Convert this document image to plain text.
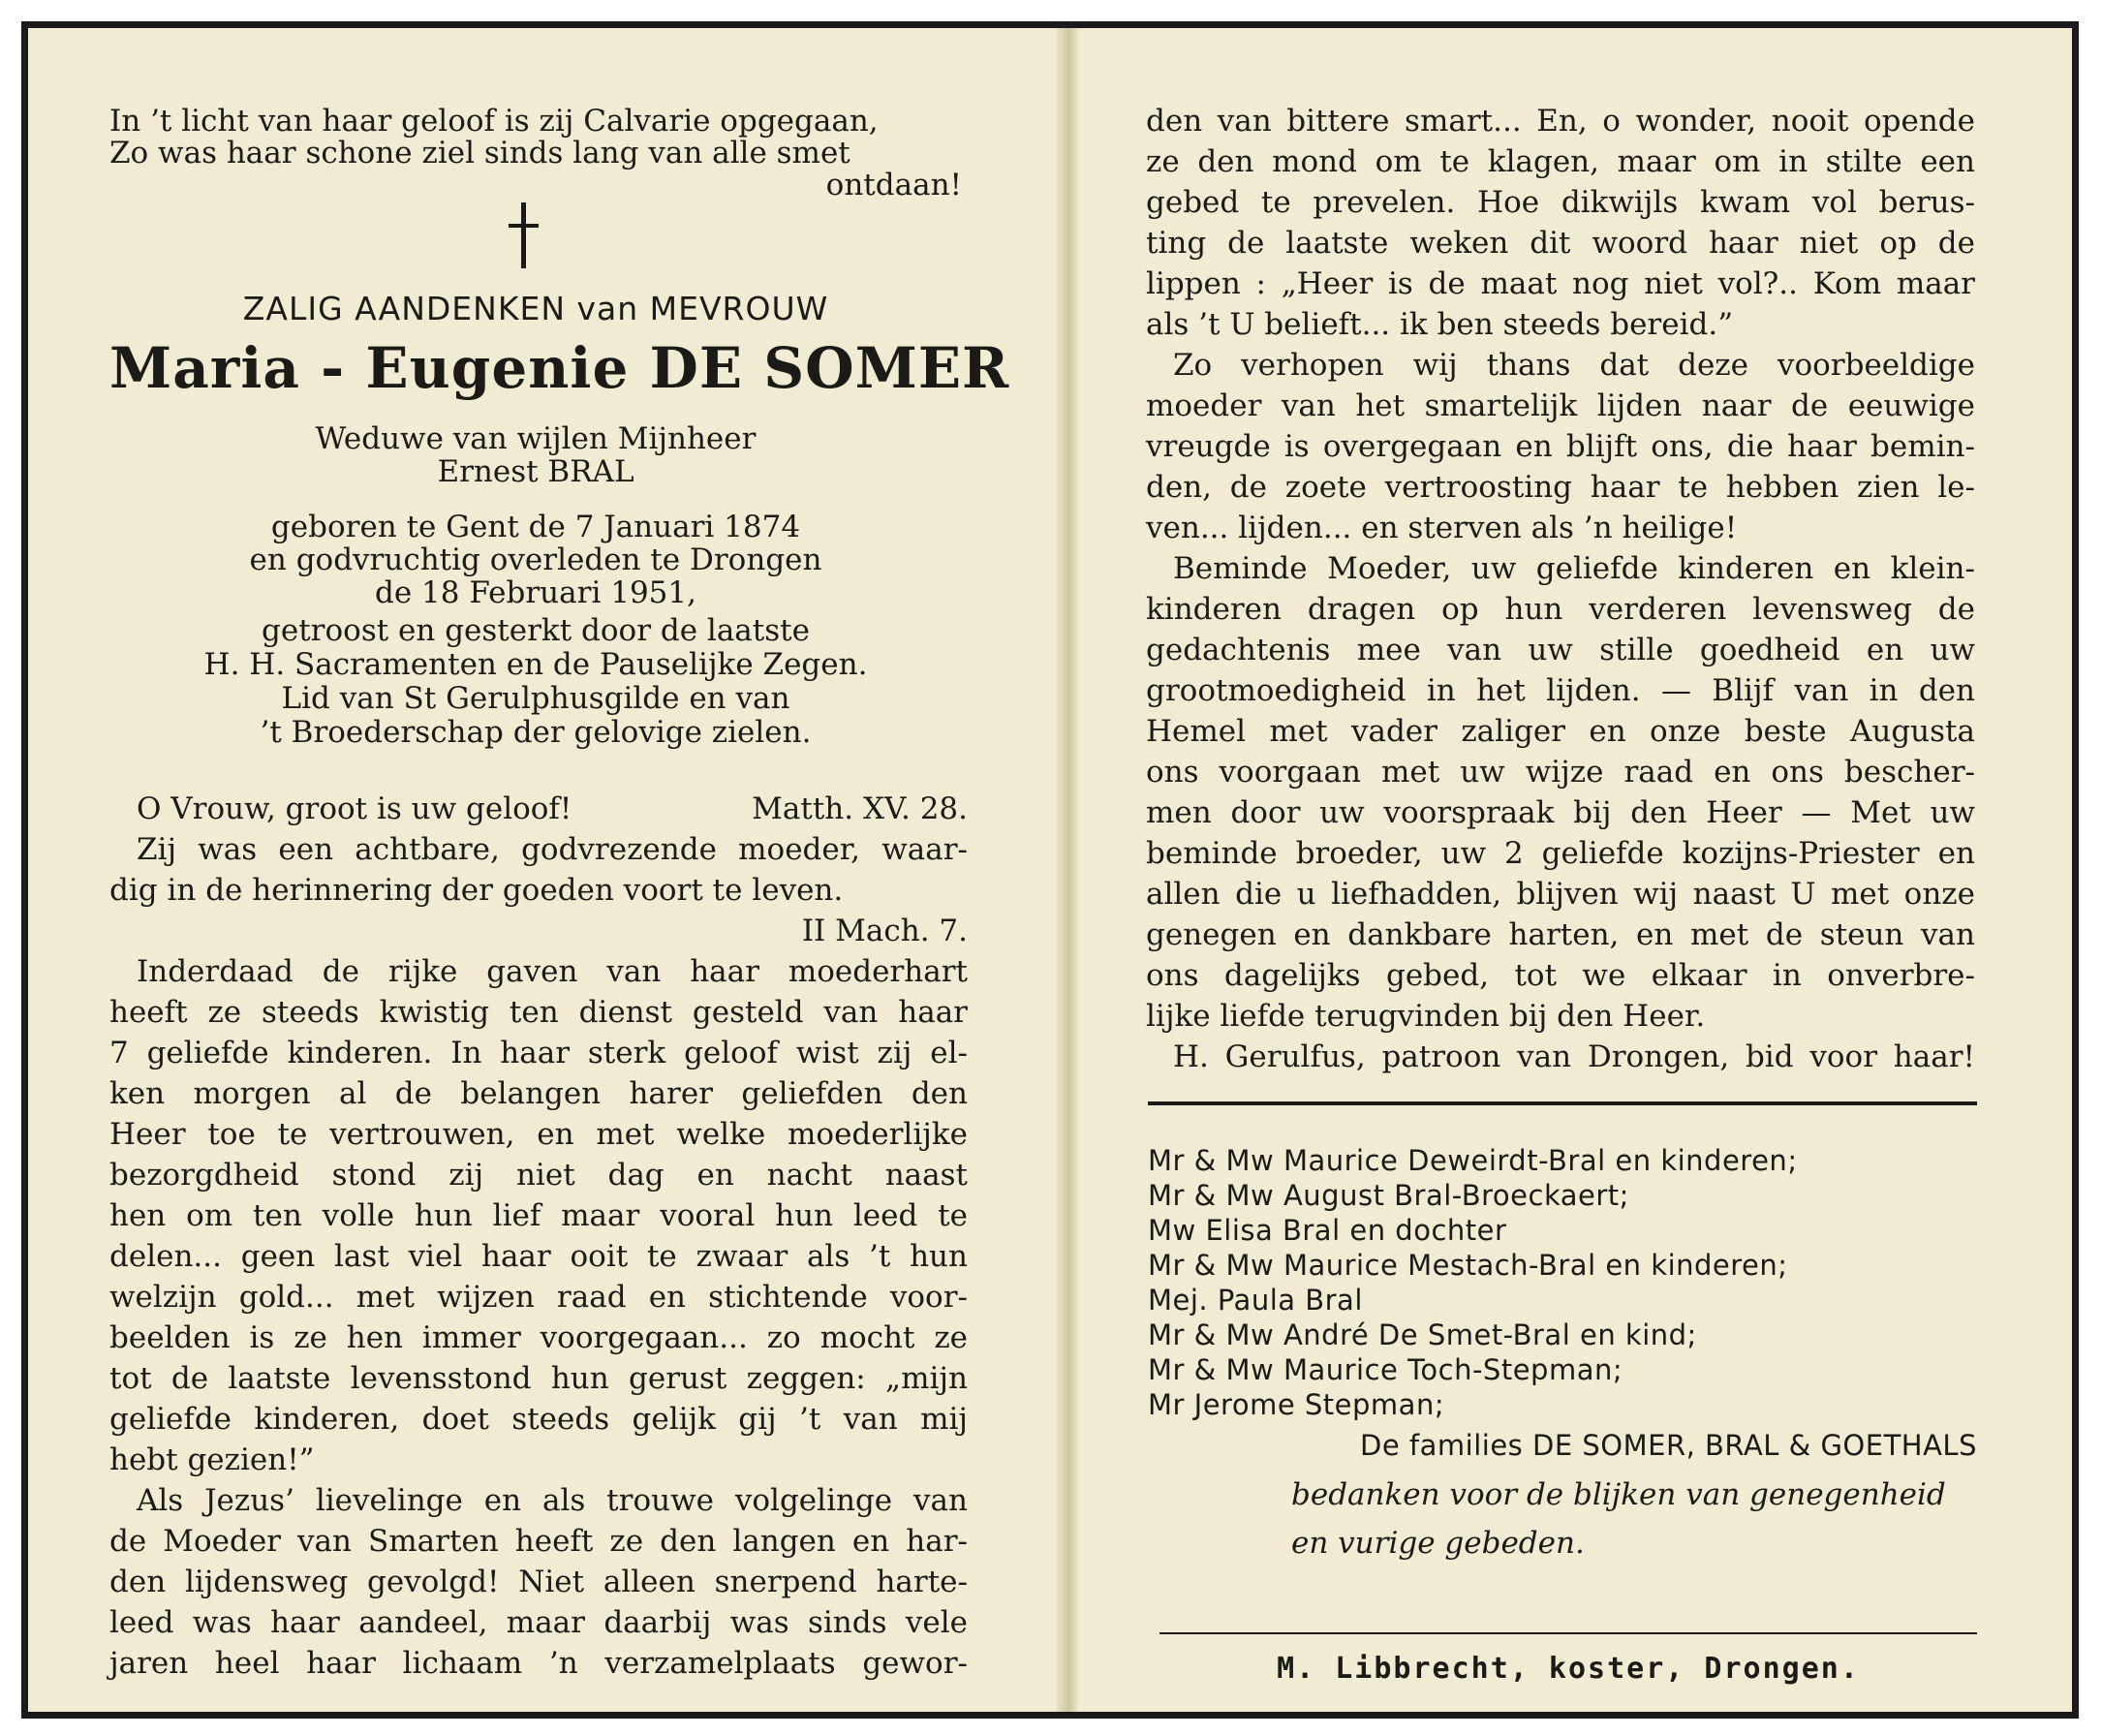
In ’t licht van haar geloof is zij Calvarie opgegaan,

Zo was haar schone ziel sinds lang van alle smet

ontdaan!

ZALIG AANDENKEN van MEVROUW

Maria - Eugenie DE SOMER

Weduwe van wijlen Mijnheer

Ernest BRAL

geboren te Gent de 7 Januari 1874

en godvruchtig overleden te Drongen

de 18 Februari 1951,

getroost en gesterkt door de laatste

H. H. Sacramenten en de Pauselijke Zegen.

Lid van St Gerulphusgilde en van

’t Broederschap der gelovige zielen.

O Vrouw, groot is uw geloof!	Matth. XV. 28.

Zij was een achtbare, godvrezende moeder, waar-

dig in de herinnering der goeden voort te leven.

II Mach. 7.

Inderdaad de rijke gaven van haar moederhart

heeft ze steeds kwistig ten dienst gesteld van haar

7 geliefde kinderen. In haar sterk geloof wist zij el-

ken morgen al de belangen harer geliefden den

Heer toe te vertrouwen, en met welke moederlijke

bezorgdheid stond zij niet dag en nacht naast

hen om ten volle hun lief maar vooral hun leed te

delen... geen last viel haar ooit te zwaar als ’t hun

welzijn gold... met wijzen raad en stichtende voor-

beelden is ze hen immer voorgegaan... zo mocht ze

tot de laatste levensstond hun gerust zeggen: „mijn

geliefde kinderen, doet steeds gelijk gij ’t van mij

hebt gezien!”

Als Jezus’ lievelinge en als trouwe volgelinge van

de Moeder van Smarten heeft ze den langen en har-

den lijdensweg gevolgd! Niet alleen snerpend harte-

leed was haar aandeel, maar daarbij was sinds vele

jaren heel haar lichaam ’n verzamelplaats gewor-

den van bittere smart... En, o wonder, nooit opende

ze den mond om te klagen, maar om in stilte een

gebed te prevelen. Hoe dikwijls kwam vol berus-

ting de laatste weken dit woord haar niet op de

lippen : „Heer is de maat nog niet vol?.. Kom maar

als ’t U belieft... ik ben steeds bereid.”

Zo verhopen wij thans dat deze voorbeeldige

moeder van het smartelijk lijden naar de eeuwige

vreugde is overgegaan en blijft ons, die haar bemin-

den, de zoete vertroosting haar te hebben zien le-

ven... lijden... en sterven als ’n heilige!

Beminde Moeder, uw geliefde kinderen en klein-

kinderen dragen op hun verderen levensweg de

gedachtenis mee van uw stille goedheid en uw

grootmoedigheid in het lijden. — Blijf van in den

Hemel met vader zaliger en onze beste Augusta

ons voorgaan met uw wijze raad en ons bescher-

men door uw voorspraak bij den Heer — Met uw

beminde broeder, uw 2 geliefde kozijns-Priester en

allen die u liefhadden, blijven wij naast U met onze

genegen en dankbare harten, en met de steun van

ons dagelijks gebed, tot we elkaar in onverbre-

lijke liefde terugvinden bij den Heer.

H. Gerulfus, patroon van Drongen, bid voor haar!

Mr & Mw Maurice Deweirdt-Bral en kinderen;

Mr & Mw August Bral-Broeckaert;

Mw Elisa Bral en dochter

Mr & Mw Maurice Mestach-Bral en kinderen;

Mej. Paula Bral

Mr & Mw André De Smet-Bral en kind;

Mr & Mw Maurice Toch-Stepman;

Mr Jerome Stepman;

De families DE SOMER, BRAL & GOETHALS

bedanken voor de blijken van genegenheid

en vurige gebeden.

M. Libbrecht, koster, Drongen.
